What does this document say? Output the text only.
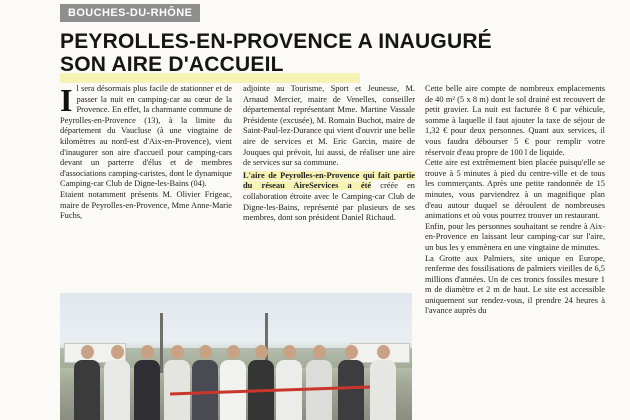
BOUCHES-DU-RHÔNE
PEYROLLES-EN-PROVENCE A INAUGURÉ
SON AIRE D'ACCUEIL

Il sera désormais plus facile de stationner et de passer la nuit en camping-car au cœur de la Provence. En effet, la charmante commune de Peyrolles-en-Provence (13), à la limite du département du Vaucluse (à une vingtaine de kilomètres au nord-est d'Aix-en-Provence), vient d'inaugurer son aire d'accueil pour camping-cars devant un parterre d'élus et de membres d'associations camping-caristes, dont le dynamique Camping-car Club de Digne-les-Bains (04).

Etaient notamment présents M. Olivier Frigeac, maire de Peyrolles-en-Provence, Mme Anne-Marie Fuchs,

adjointe au Tourisme, Sport et Jeunesse, M. Arnaud Mercier, maire de Venelles, conseiller départemental représentant Mme. Martine Vassale Présidente (excusée), M. Romain Buchot, maire de Saint-Paul-lez-Durance qui vient d'ouvrir une belle aire de services et M. Eric Garcin, maire de Jouques qui prévoit, lui aussi, de réaliser une aire de services sur sa commune.

L'aire de Peyrolles-en-Provence qui fait partie du réseau AireServices a été créée en collaboration étroite avec le Camping-car Club de Digne-les-Bains, représenté par plusieurs de ses membres, dont son président Daniel Richaud.

Cette belle aire compte de nombreux emplacements de 40 m² (5 x 8 m) dont le sol drainé est recouvert de petit gravier. La nuit est facturée 8 € par véhicule, somme à laquelle il faut ajouter la taxe de séjour de 1,32 € pour deux personnes. Quant aux services, il vous faudra débourser 5 € pour remplir votre réservoir d'eau propre de 100 l de liquide.

Cette aire est extrêmement bien placée puisqu'elle se trouve à 5 minutes à pied du centre-ville et de tous les commerçants. Après une petite randonnée de 15 minutes, vous parviendrez à un magnifique plan d'eau autour duquel se déroulent de nombreuses animations et où vous pourrez trouver un restaurant.

Enfin, pour les personnes souhaitant se rendre à Aix-en-Provence en laissant leur camping-car sur l'aire, un bus les y emmènera en une vingtaine de minutes.

La Grotte aux Palmiers, site unique en Europe, renferme des fossilisations de palmiers vieilles de 6,5 millions d'années. Un de ces troncs fossiles mesure 1 m de diamètre et 2 m de haut. Le site est accessible uniquement sur rendez-vous, il prendre 24 heures à l'avance auprès du
